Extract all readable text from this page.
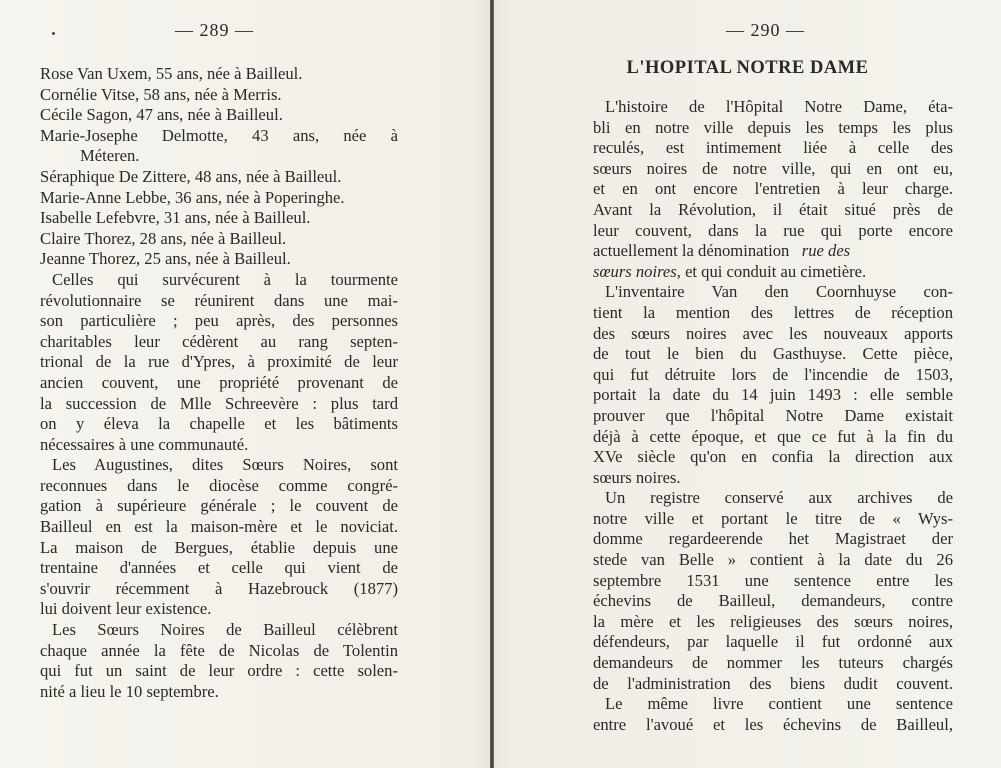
— 289 —
Rose Van Uxem, 55 ans, née à Bailleul.
Cornélie Vitse, 58 ans, née à Merris.
Cécile Sagon, 47 ans, née à Bailleul.
Marie-Josephe Delmotte, 43 ans, née à
Méteren.
Séraphique De Zittere, 48 ans, née à Bailleul.
Marie-Anne Lebbe, 36 ans, née à Poperinghe.
Isabelle Lefebvre, 31 ans, née à Bailleul.
Claire Thorez, 28 ans, née à Bailleul.
Jeanne Thorez, 25 ans, née à Bailleul.
Celles qui survécurent à la tourmente
révolutionnaire se réunirent dans une mai-
son particulière ; peu après, des personnes
charitables leur cédèrent au rang septen-
trional de la rue d'Ypres, à proximité de leur
ancien couvent, une propriété provenant de
la succession de Mlle Schreevère : plus tard
on y éleva la chapelle et les bâtiments
nécessaires à une communauté.
Les Augustines, dites Sœurs Noires, sont
reconnues dans le diocèse comme congré-
gation à supérieure générale ; le couvent de
Bailleul en est la maison-mère et le noviciat.
La maison de Bergues, établie depuis une
trentaine d'années et celle qui vient de
s'ouvrir récemment à Hazebrouck (1877)
lui doivent leur existence.
Les Sœurs Noires de Bailleul célèbrent
chaque année la fête de Nicolas de Tolentin
qui fut un saint de leur ordre : cette solen-
nité a lieu le 10 septembre.
— 290 —
L'HOPITAL NOTRE DAME
L'histoire de l'Hôpital Notre Dame, éta-
bli en notre ville depuis les temps les plus
reculés, est intimement liée à celle des
sœurs noires de notre ville, qui en ont eu,
et en ont encore l'entretien à leur charge.
Avant la Révolution, il était situé près de
leur couvent, dans la rue qui porte encore
actuellement la dénomination rue des
sœurs noires, et qui conduit au cimetière.
L'inventaire Van den Coornhuyse con-
tient la mention des lettres de réception
des sœurs noires avec les nouveaux apports
de tout le bien du Gasthuyse. Cette pièce,
qui fut détruite lors de l'incendie de 1503,
portait la date du 14 juin 1493 : elle semble
prouver que l'hôpital Notre Dame existait
déjà à cette époque, et que ce fut à la fin du
XVe siècle qu'on en confia la direction aux
sœurs noires.
Un registre conservé aux archives de
notre ville et portant le titre de « Wys-
domme regardeerende het Magistraet der
stede van Belle » contient à la date du 26
septembre 1531 une sentence entre les
échevins de Bailleul, demandeurs, contre
la mère et les religieuses des sœurs noires,
défendeurs, par laquelle il fut ordonné aux
demandeurs de nommer les tuteurs chargés
de l'administration des biens dudit couvent.
Le même livre contient une sentence
entre l'avoué et les échevins de Bailleul,
